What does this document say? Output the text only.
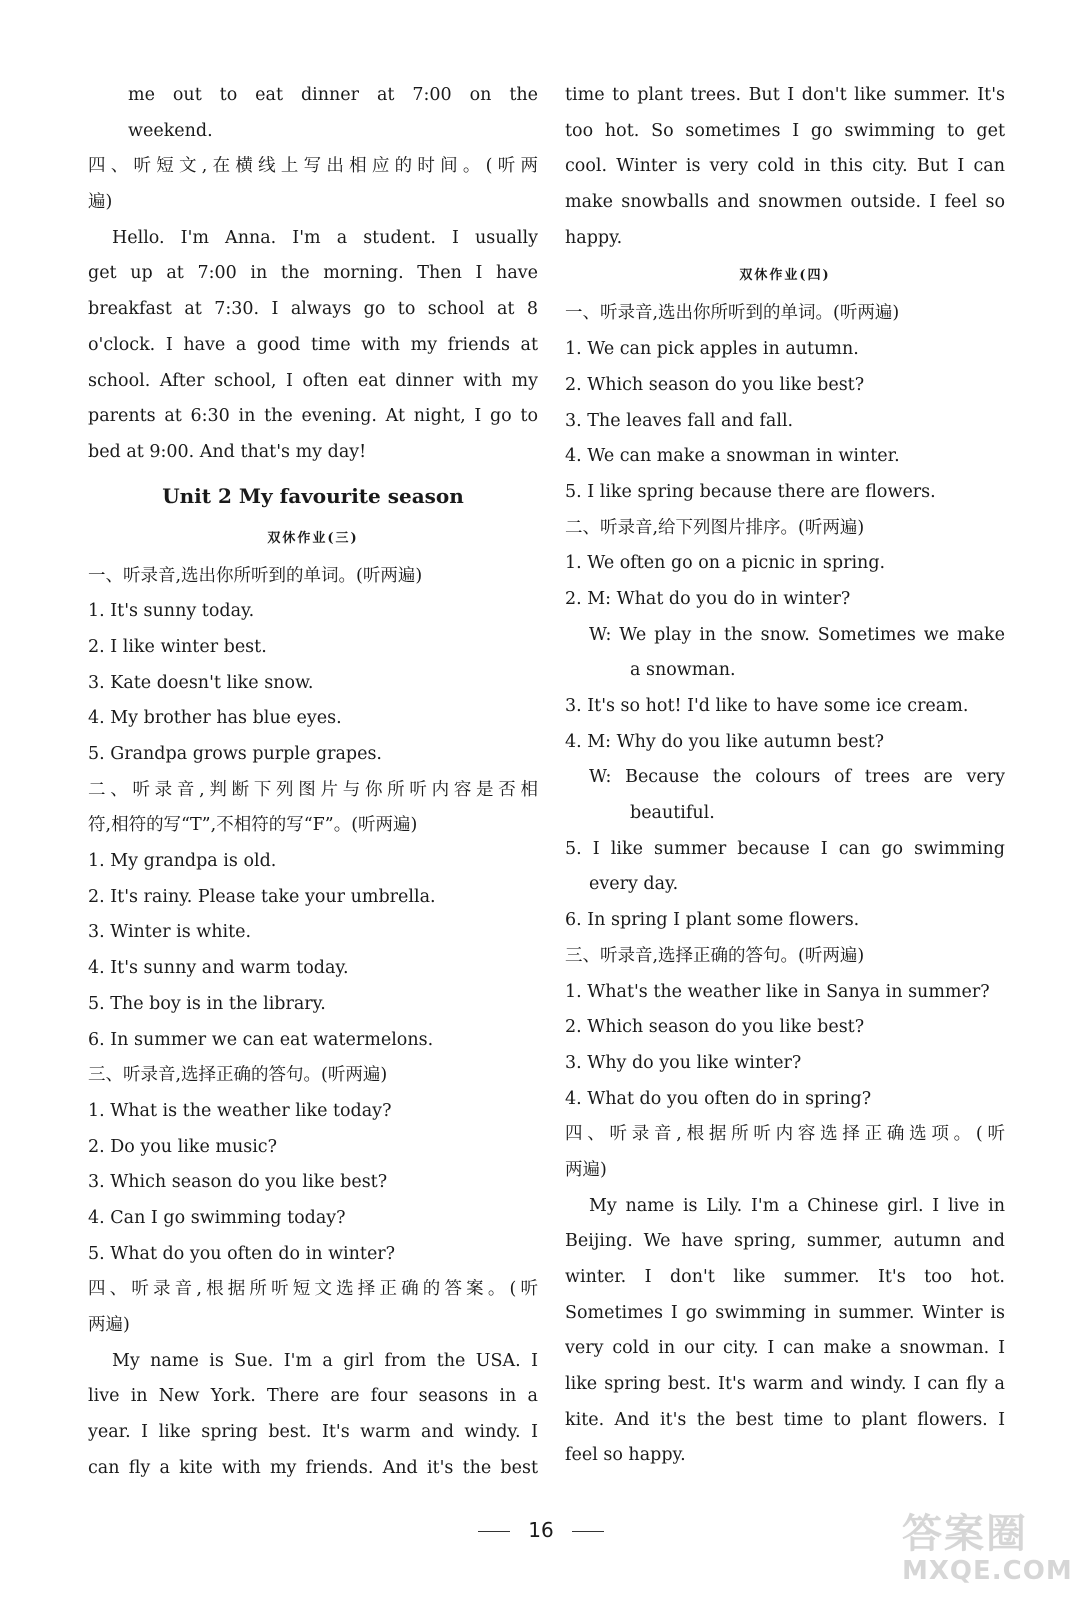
me out to eat dinner at 7:00 on the
weekend.
四、听短文,在横线上写出相应的时间。(听两
遍)
Hello. I'm Anna. I'm a student. I usually
get up at 7:00 in the morning. Then I have
breakfast at 7:30. I always go to school at 8
o'clock. I have a good time with my friends at
school. After school, I often eat dinner with my
parents at 6:30 in the evening. At night, I go to
bed at 9:00. And that's my day!
Unit 2 My favourite season
双休作业(三)
一、听录音,选出你所听到的单词。(听两遍)
1. It's sunny today.
2. I like winter best.
3. Kate doesn't like snow.
4. My brother has blue eyes.
5. Grandpa grows purple grapes.
二、听录音,判断下列图片与你所听内容是否相
符,相符的写“T”,不相符的写“F”。(听两遍)
1. My grandpa is old.
2. It's rainy. Please take your umbrella.
3. Winter is white.
4. It's sunny and warm today.
5. The boy is in the library.
6. In summer we can eat watermelons.
三、听录音,选择正确的答句。(听两遍)
1. What is the weather like today?
2. Do you like music?
3. Which season do you like best?
4. Can I go swimming today?
5. What do you often do in winter?
四、听录音,根据所听短文选择正确的答案。(听
两遍)
My name is Sue. I'm a girl from the USA. I
live in New York. There are four seasons in a
year. I like spring best. It's warm and windy. I
can fly a kite with my friends. And it's the best
time to plant trees. But I don't like summer. It's
too hot. So sometimes I go swimming to get
cool. Winter is very cold in this city. But I can
make snowballs and snowmen outside. I feel so
happy.
双休作业(四)
一、听录音,选出你所听到的单词。(听两遍)
1. We can pick apples in autumn.
2. Which season do you like best?
3. The leaves fall and fall.
4. We can make a snowman in winter.
5. I like spring because there are flowers.
二、听录音,给下列图片排序。(听两遍)
1. We often go on a picnic in spring.
2. M: What do you do in winter?
W: We play in the snow. Sometimes we make
a snowman.
3. It's so hot! I'd like to have some ice cream.
4. M: Why do you like autumn best?
W: Because the colours of trees are very
beautiful.
5. I like summer because I can go swimming
every day.
6. In spring I plant some flowers.
三、听录音,选择正确的答句。(听两遍)
1. What's the weather like in Sanya in summer?
2. Which season do you like best?
3. Why do you like winter?
4. What do you often do in spring?
四、听录音,根据所听内容选择正确选项。(听
两遍)
My name is Lily. I'm a Chinese girl. I live in
Beijing. We have spring, summer, autumn and
winter. I don't like summer. It's too hot.
Sometimes I go swimming in summer. Winter is
very cold in our city. I can make a snowman. I
like spring best. It's warm and windy. I can fly a
kite. And it's the best time to plant flowers. I
feel so happy.
16	答案圈
MXQE.COM
